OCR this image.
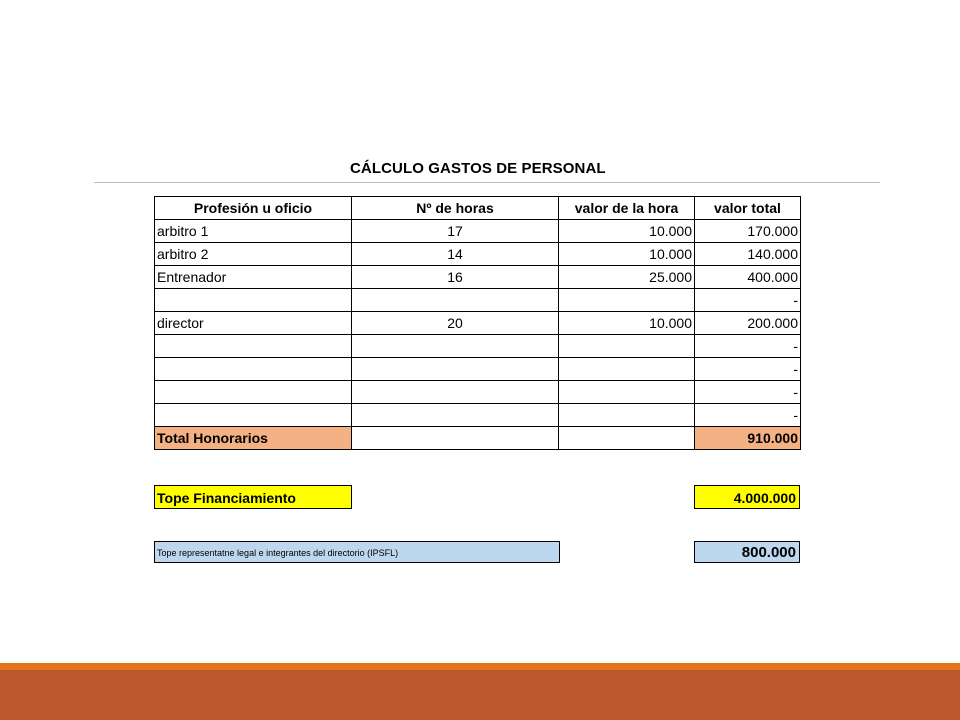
CÁLCULO GASTOS DE PERSONAL
Profesión u oficio	Nº de horas	valor de la hora	valor total
arbitro 1	17	10.000	170.000
arbitro 2	14	10.000	140.000
Entrenador	16	25.000	400.000
			-
director	20	10.000	200.000
			-
			-
			-
			-
Total Honorarios			910.000
Tope Financiamiento	4.000.000
Tope representatne legal e integrantes del directorio (IPSFL)	800.000
